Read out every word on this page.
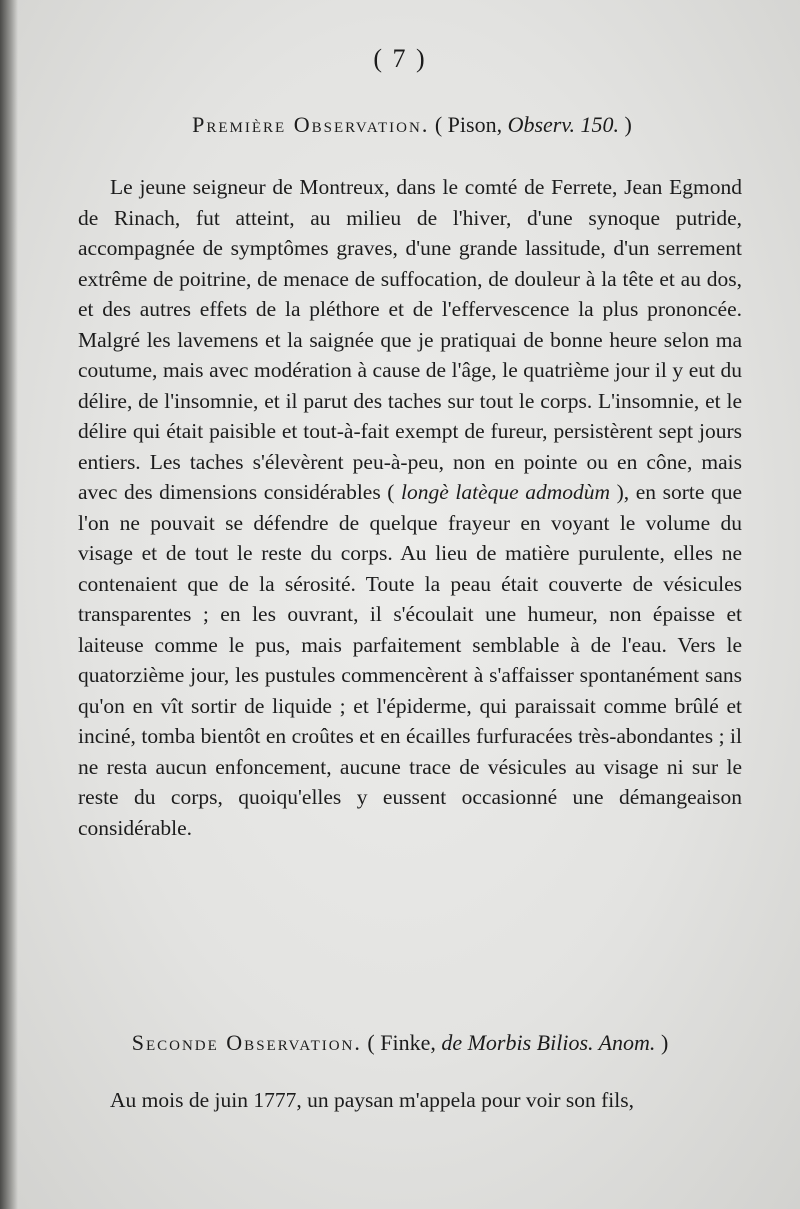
( 7 )
Première Observation. ( Pison, Observ. 150. )
Le jeune seigneur de Montreux, dans le comté de Ferrete, Jean Egmond de Rinach, fut atteint, au milieu de l'hiver, d'une synoque putride, accompagnée de symptômes graves, d'une grande lassitude, d'un serrement extrême de poitrine, de menace de suffocation, de douleur à la tête et au dos, et des autres effets de la pléthore et de l'effervescence la plus prononcée. Malgré les lavemens et la saignée que je pratiquai de bonne heure selon ma coutume, mais avec modération à cause de l'âge, le quatrième jour il y eut du délire, de l'insomnie, et il parut des taches sur tout le corps. L'insomnie, et le délire qui était paisible et tout-à-fait exempt de fureur, persistèrent sept jours entiers. Les taches s'élevèrent peu-à-peu, non en pointe ou en cône, mais avec des dimensions considérables ( longè latèque admodùm ), en sorte que l'on ne pouvait se défendre de quelque frayeur en voyant le volume du visage et de tout le reste du corps. Au lieu de matière purulente, elles ne contenaient que de la sérosité. Toute la peau était couverte de vésicules transparentes ; en les ouvrant, il s'écoulait une humeur, non épaisse et laiteuse comme le pus, mais parfaitement semblable à de l'eau. Vers le quatorzième jour, les pustules commencèrent à s'affaisser spontanément sans qu'on en vît sortir de liquide ; et l'épiderme, qui paraissait comme brûlé et inciné, tomba bientôt en croûtes et en écailles furfuracées très-abondantes ; il ne resta aucun enfoncement, aucune trace de vésicules au visage ni sur le reste du corps, quoiqu'elles y eussent occasionné une démangeaison considérable.
Seconde Observation. ( Finke, de Morbis Bilios. Anom. )
Au mois de juin 1777, un paysan m'appela pour voir son fils,
